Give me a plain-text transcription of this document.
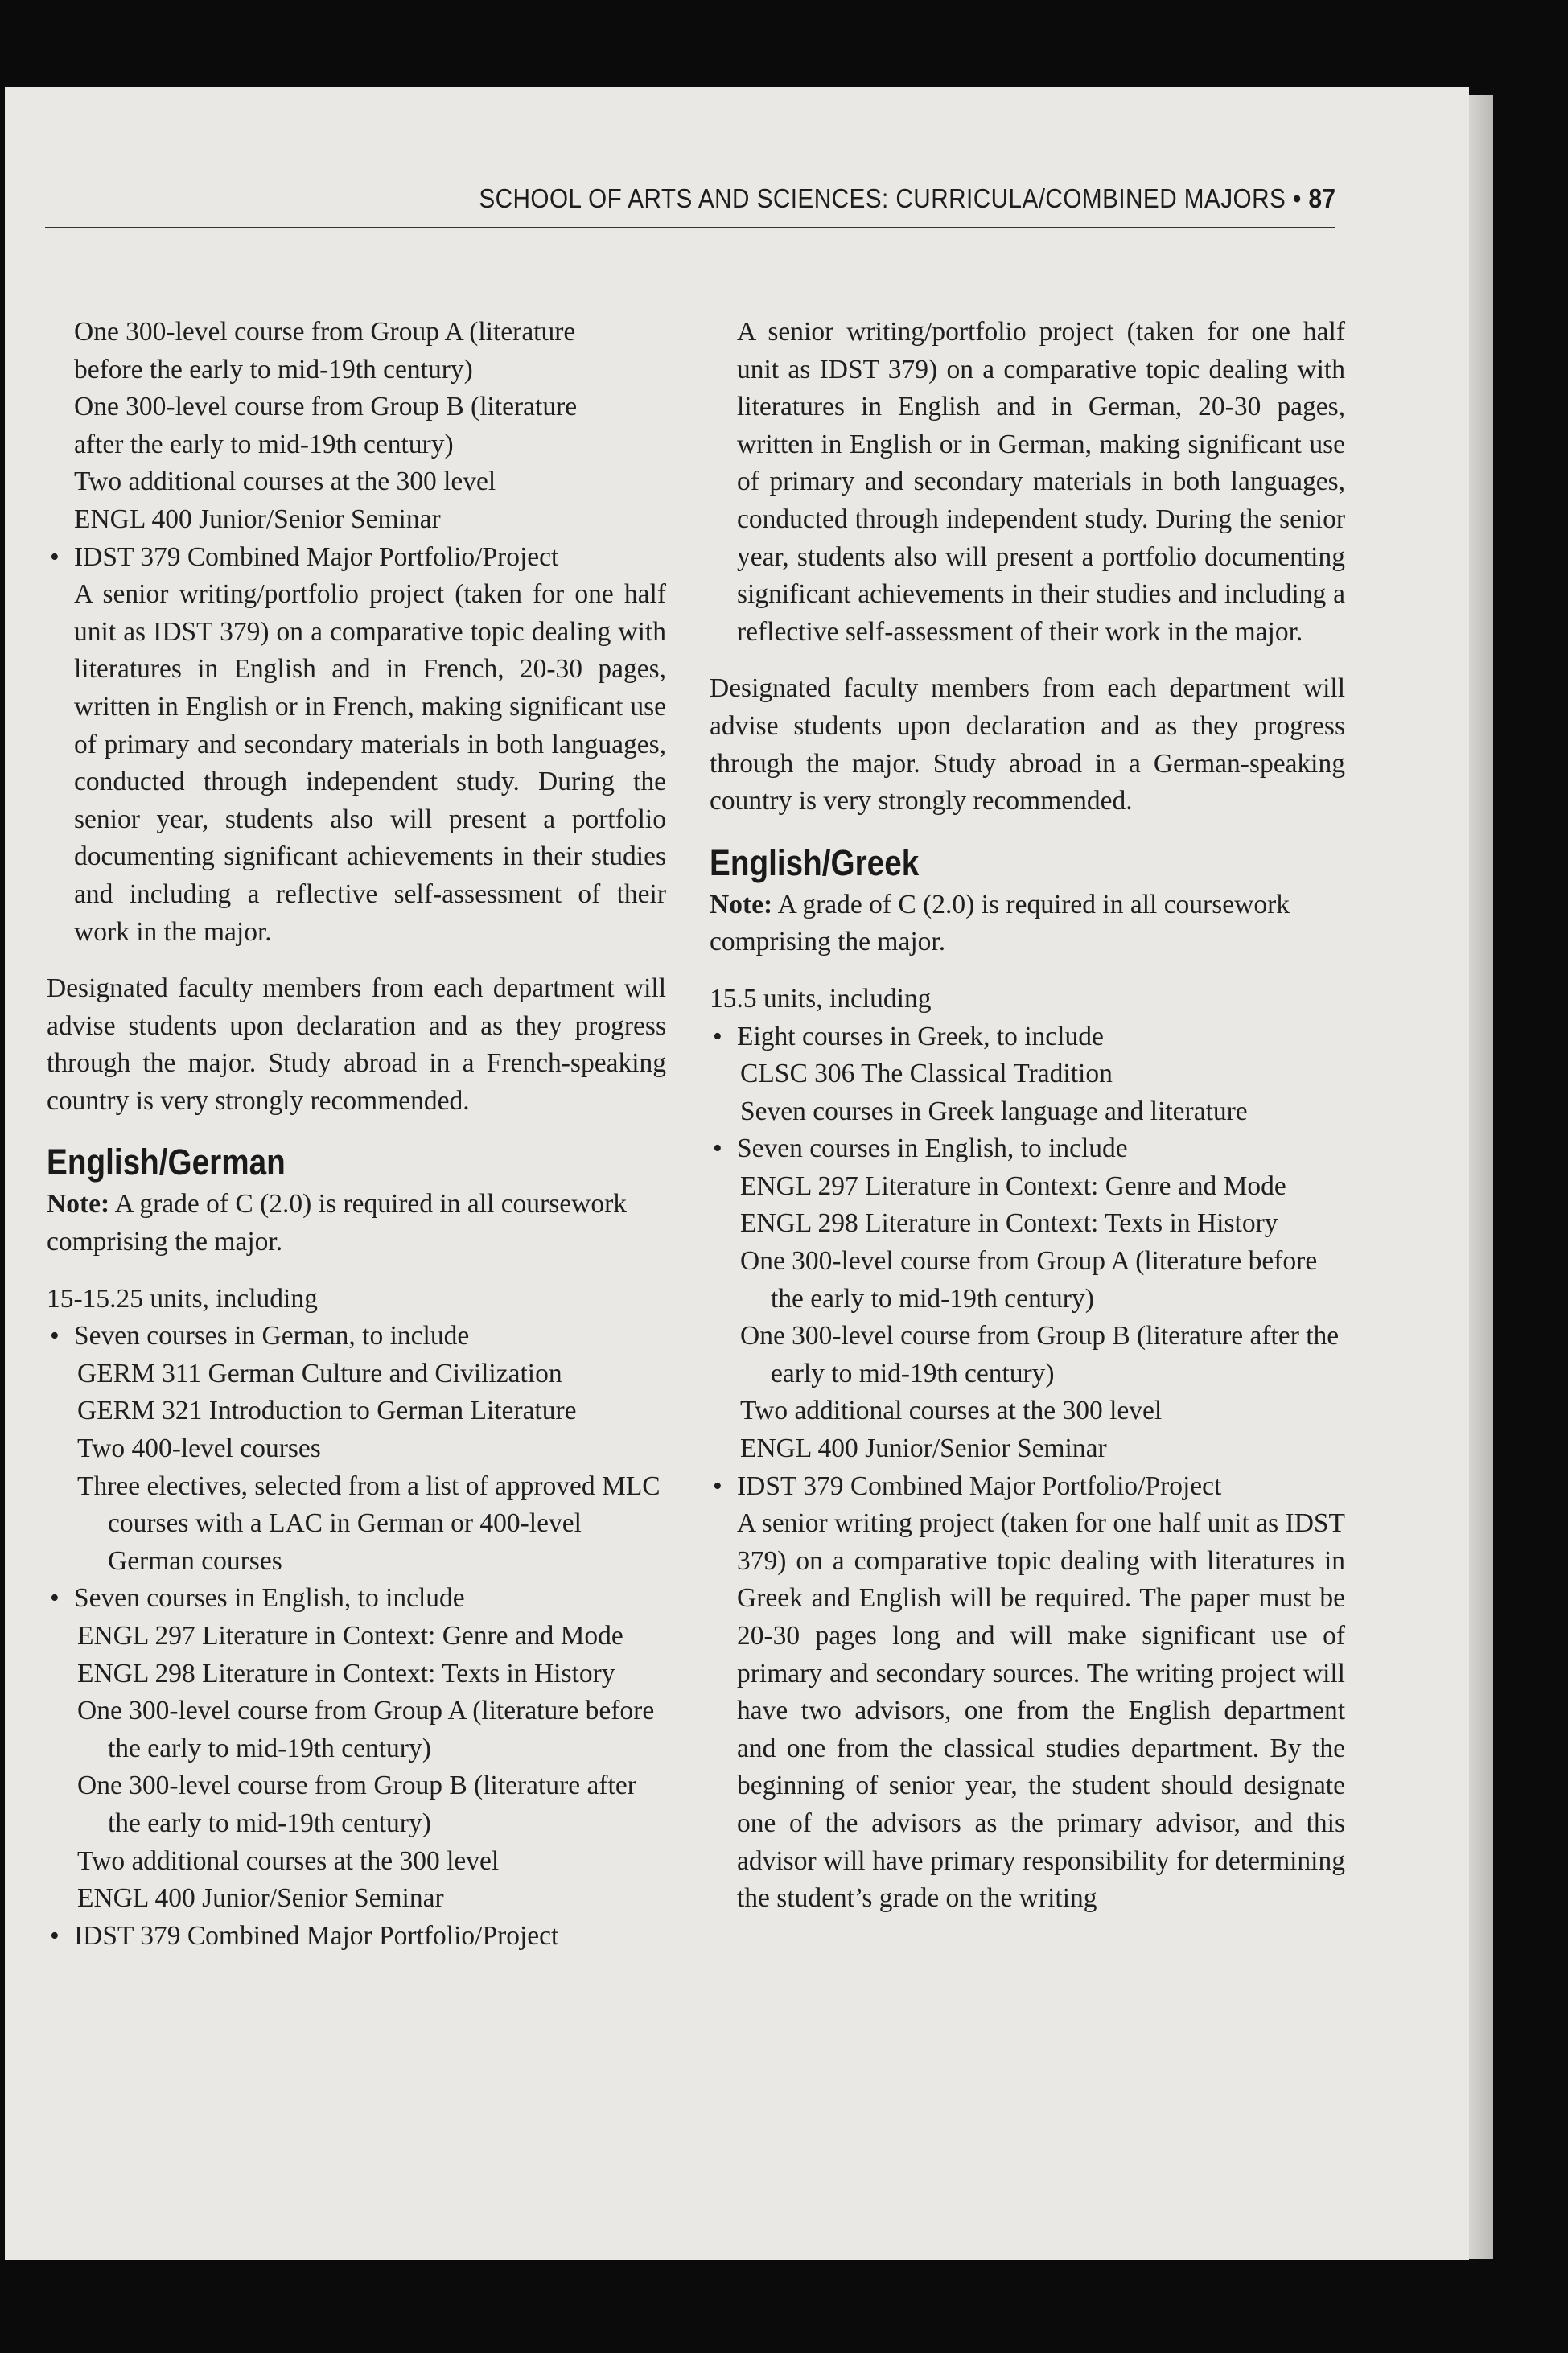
SCHOOL OF ARTS AND SCIENCES: CURRICULA/COMBINED MAJORS • 87

One 300-level course from Group A (literature

before the early to mid-19th century)

One 300-level course from Group B (literature

after the early to mid-19th century)

Two additional courses at the 300 level

ENGL 400 Junior/Senior Seminar

• IDST 379 Combined Major Portfolio/Project

A senior writing/portfolio project (taken for one half unit as IDST 379) on a comparative topic dealing with literatures in English and in French, 20-30 pages, written in English or in French, making significant use of primary and secondary materials in both languages, conducted through independent study. During the senior year, students also will present a portfolio documenting significant achievements in their studies and including a reflective self-assessment of their work in the major.

Designated faculty members from each department will advise students upon declaration and as they progress through the major. Study abroad in a French-speaking country is very strongly recommended.

English/German

Note: A grade of C (2.0) is required in all coursework comprising the major.

15-15.25 units, including

• Seven courses in German, to include

GERM 311 German Culture and Civilization

GERM 321 Introduction to German Literature

Two 400-level courses

Three electives, selected from a list of approved MLC courses with a LAC in German or 400-level German courses

• Seven courses in English, to include

ENGL 297 Literature in Context: Genre and Mode

ENGL 298 Literature in Context: Texts in History

One 300-level course from Group A (literature before the early to mid-19th century)

One 300-level course from Group B (literature after the early to mid-19th century)

Two additional courses at the 300 level

ENGL 400 Junior/Senior Seminar

• IDST 379 Combined Major Portfolio/Project

A senior writing/portfolio project (taken for one half unit as IDST 379) on a comparative topic dealing with literatures in English and in German, 20-30 pages, written in English or in German, making significant use of primary and secondary materials in both languages, conducted through independent study. During the senior year, students also will present a portfolio documenting significant achievements in their studies and including a reflective self-assessment of their work in the major.

Designated faculty members from each department will advise students upon declaration and as they progress through the major. Study abroad in a German-speaking country is very strongly recommended.

English/Greek

Note: A grade of C (2.0) is required in all coursework comprising the major.

15.5 units, including

• Eight courses in Greek, to include

CLSC 306 The Classical Tradition

Seven courses in Greek language and literature

• Seven courses in English, to include

ENGL 297 Literature in Context: Genre and Mode

ENGL 298 Literature in Context: Texts in History

One 300-level course from Group A (literature before the early to mid-19th century)

One 300-level course from Group B (literature after the early to mid-19th century)

Two additional courses at the 300 level

ENGL 400 Junior/Senior Seminar

• IDST 379 Combined Major Portfolio/Project

A senior writing project (taken for one half unit as IDST 379) on a comparative topic dealing with literatures in Greek and English will be required. The paper must be 20-30 pages long and will make significant use of primary and secondary sources. The writing project will have two advisors, one from the English department and one from the classical studies department. By the beginning of senior year, the student should designate one of the advisors as the primary advisor, and this advisor will have primary responsibility for determining the student’s grade on the writing
